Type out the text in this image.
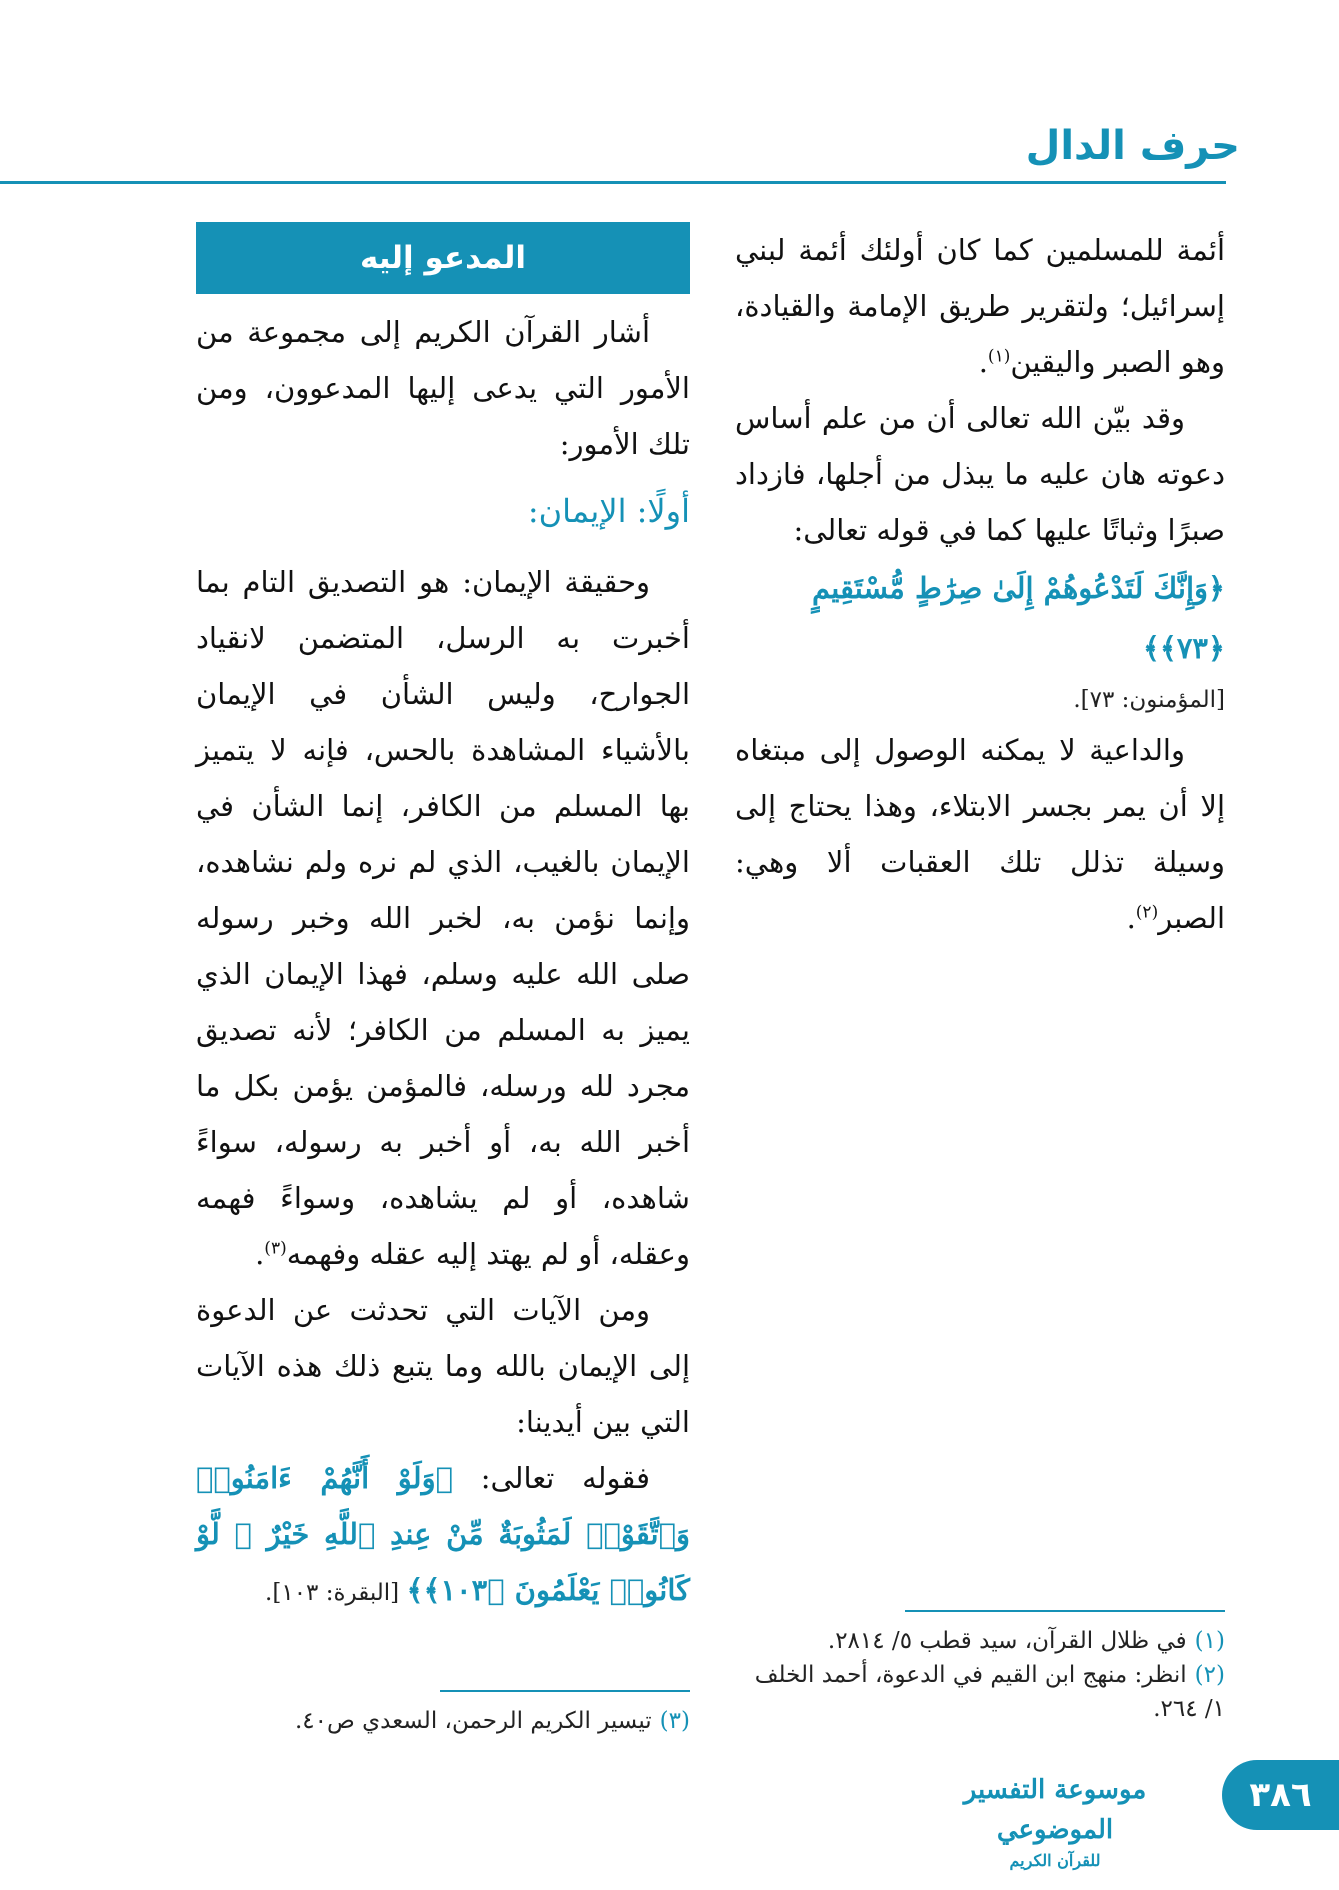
حرف الدال

أئمة للمسلمين كما كان أولئك أئمة لبني إسرائيل؛ ولتقرير طريق الإمامة والقيادة، وهو الصبر واليقين$^{(١)}$.

وقد بيّن الله تعالى أن من علم أساس دعوته هان عليه ما يبذل من أجلها، فازداد صبرًا وثباتًا عليها كما في قوله تعالى:

﴿وَإِنَّكَ لَتَدْعُوهُمْ إِلَىٰ صِرَٰطٍ مُّسْتَقِيمٍ ﴿٧٣﴾﴾

[المؤمنون: ٧٣].

والداعية لا يمكنه الوصول إلى مبتغاه إلا أن يمر بجسر الابتلاء، وهذا يحتاج إلى وسيلة تذلل تلك العقبات ألا وهي: الصبر$^{(٢)}$.

المدعو إليه

أشار القرآن الكريم إلى مجموعة من الأمور التي يدعى إليها المدعوون، ومن تلك الأمور:

أولًا: الإيمان:

وحقيقة الإيمان: هو التصديق التام بما أخبرت به الرسل، المتضمن لانقياد الجوارح، وليس الشأن في الإيمان بالأشياء المشاهدة بالحس، فإنه لا يتميز بها المسلم من الكافر، إنما الشأن في الإيمان بالغيب، الذي لم نره ولم نشاهده، وإنما نؤمن به، لخبر الله وخبر رسوله صلى الله عليه وسلم، فهذا الإيمان الذي يميز به المسلم من الكافر؛ لأنه تصديق مجرد لله ورسله، فالمؤمن يؤمن بكل ما أخبر الله به، أو أخبر به رسوله، سواءً شاهده، أو لم يشاهده، وسواءً فهمه وعقله، أو لم يهتد إليه عقله وفهمه$^{(٣)}$.

ومن الآيات التي تحدثت عن الدعوة إلى الإيمان بالله وما يتبع ذلك هذه الآيات التي بين أيدينا:

فقوله تعالى: ﴿وَلَوْ أَنَّهُمْ ءَامَنُوا۟ وَٱتَّقَوْا۟ لَمَثُوبَةٌ مِّنْ عِندِ ٱللَّهِ خَيْرٌ ۖ لَّوْ كَانُوا۟ يَعْلَمُونَ ﴿١٠٣﴾﴾ [البقرة: ١٠٣].

(١)في ظلال القرآن، سيد قطب ٥/ ٢٨١٤.
(٢)انظر: منهج ابن القيم في الدعوة، أحمد الخلف ١/ ٢٦٤.
(٣)تيسير الكريم الرحمن، السعدي ص٤٠.
موسوعة التفسير الموضوعي
للقرآن الكريم
٣٨٦
